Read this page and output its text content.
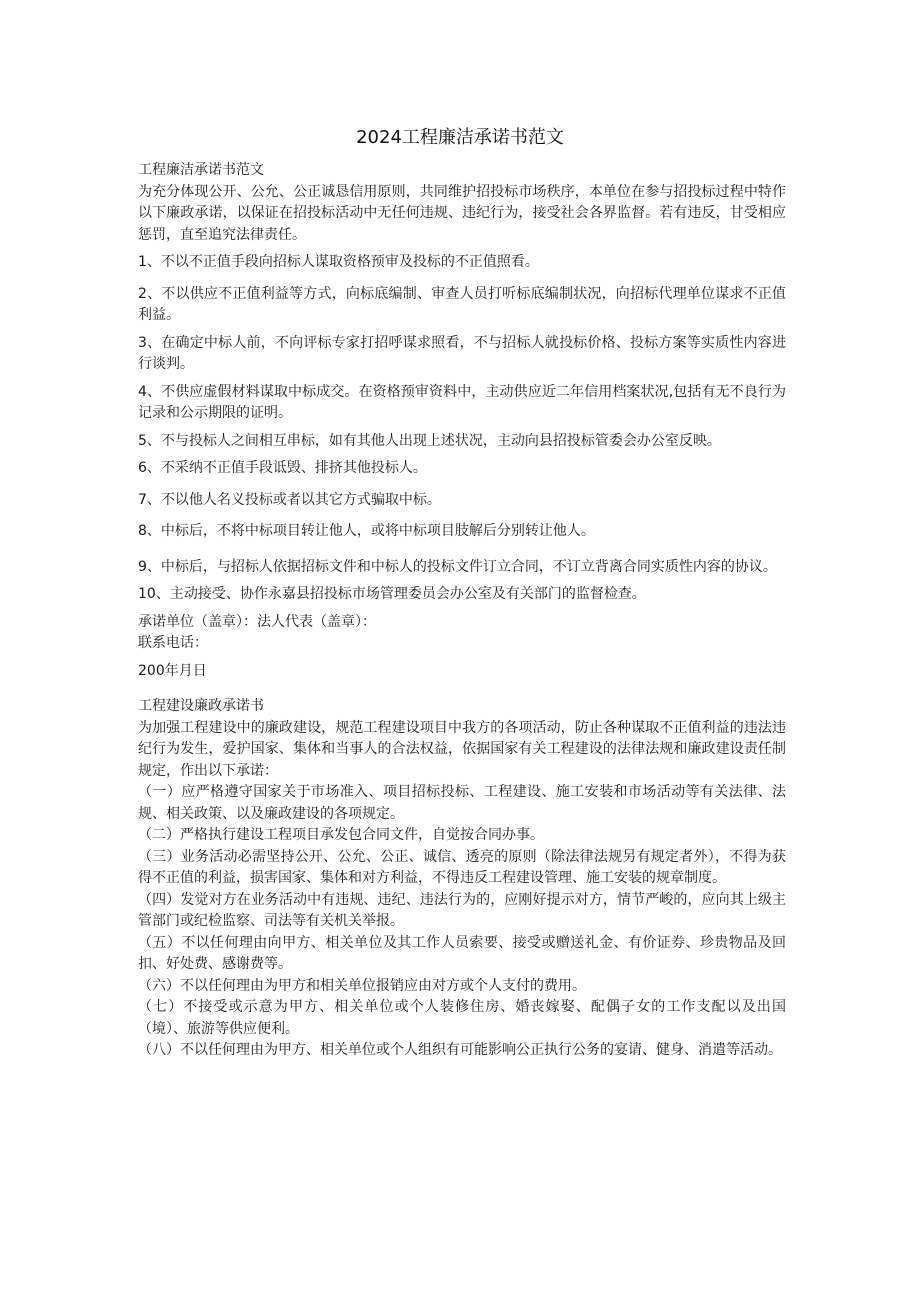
2024工程廉洁承诺书范文

工程廉洁承诺书范文

为充分体现公开、公允、公正诚恳信用原则，共同维护招投标市场秩序，本单位在参与招投标过程中特作以下廉政承诺，以保证在招投标活动中无任何违规、违纪行为，接受社会各界监督。若有违反，甘受相应惩罚，直至追究法律责任。

1、不以不正值手段向招标人谋取资格预审及投标的不正值照看。

2、不以供应不正值利益等方式，向标底编制、审查人员打听标底编制状况，向招标代理单位谋求不正值利益。

3、在确定中标人前，不向评标专家打招呼谋求照看，不与招标人就投标价格、投标方案等实质性内容进行谈判。

4、不供应虚假材料谋取中标成交。在资格预审资料中，主动供应近二年信用档案状况,包括有无不良行为记录和公示期限的证明。

5、不与投标人之间相互串标，如有其他人出现上述状况，主动向县招投标管委会办公室反映。

6、不采纳不正值手段诋毁、排挤其他投标人。

7、不以他人名义投标或者以其它方式骗取中标。

8、中标后，不将中标项目转让他人，或将中标项目肢解后分别转让他人。

9、中标后，与招标人依据招标文件和中标人的投标文件订立合同，不订立背离合同实质性内容的协议。

10、主动接受、协作永嘉县招投标市场管理委员会办公室及有关部门的监督检查。

承诺单位（盖章）：法人代表（盖章）：

联系电话：

200年月日

工程建设廉政承诺书

为加强工程建设中的廉政建设，规范工程建设项目中我方的各项活动，防止各种谋取不正值利益的违法违纪行为发生，爱护国家、集体和当事人的合法权益，依据国家有关工程建设的法律法规和廉政建设责任制规定，作出以下承诺：

（一）应严格遵守国家关于市场准入、项目招标投标、工程建设、施工安装和市场活动等有关法律、法规、相关政策、以及廉政建设的各项规定。

（二）严格执行建设工程项目承发包合同文件，自觉按合同办事。

（三）业务活动必需坚持公开、公允、公正、诚信、透亮的原则（除法律法规另有规定者外），不得为获得不正值的利益，损害国家、集体和对方利益，不得违反工程建设管理、施工安装的规章制度。

（四）发觉对方在业务活动中有违规、违纪、违法行为的，应刚好提示对方，情节严峻的，应向其上级主管部门或纪检监察、司法等有关机关举报。

（五）不以任何理由向甲方、相关单位及其工作人员索要、接受或赠送礼金、有价证券、珍贵物品及回扣、好处费、感谢费等。

（六）不以任何理由为甲方和相关单位报销应由对方或个人支付的费用。

（七）不接受或示意为甲方、相关单位或个人装修住房、婚丧嫁娶、配偶子女的工作支配以及出国（境）、旅游等供应便利。

（八）不以任何理由为甲方、相关单位或个人组织有可能影响公正执行公务的宴请、健身、消遣等活动。
